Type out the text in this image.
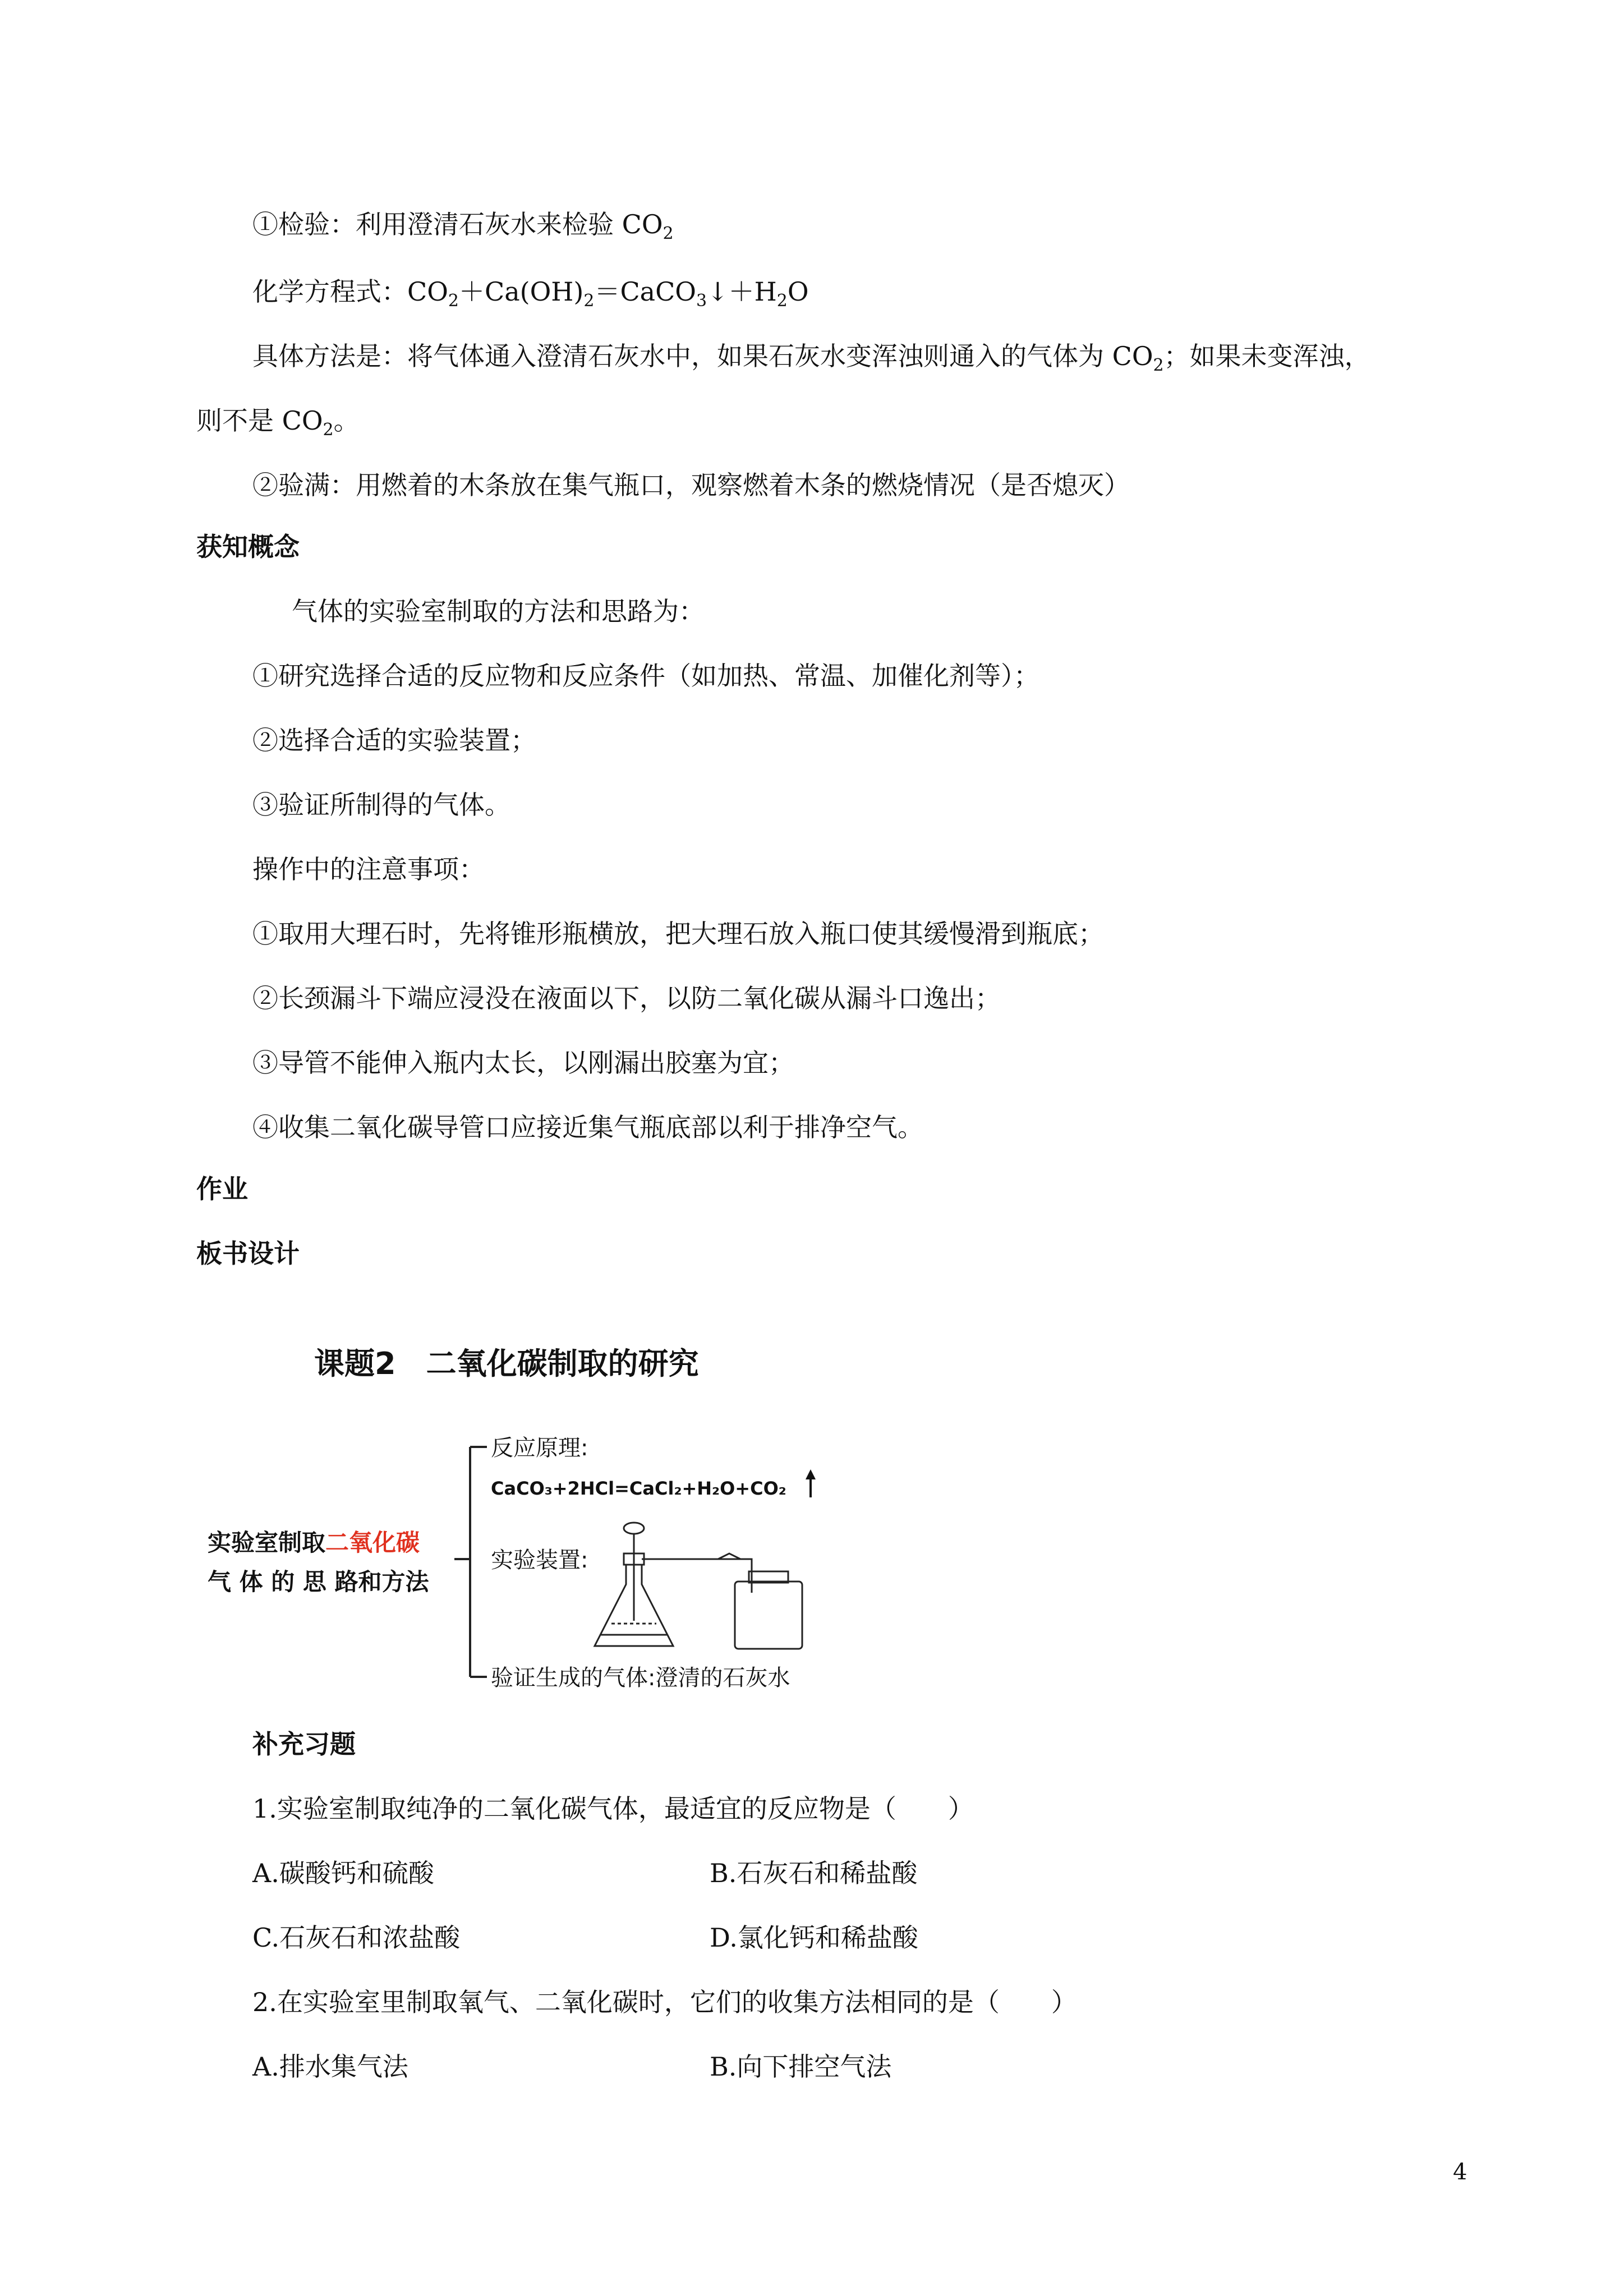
①检验：利用澄清石灰水来检验 $CO_2$
化学方程式：$CO_2+Ca(OH)_2=CaCO_3↓+H_2O$
具体方法是：将气体通入澄清石灰水中，如果石灰水变浑浊则通入的气体为 $CO_2$；如果未变浑浊，
则不是 $CO_2$。
②验满：用燃着的木条放在集气瓶口，观察燃着木条的燃烧情况（是否熄灭）
获知概念
气体的实验室制取的方法和思路为：
①研究选择合适的反应物和反应条件（如加热、常温、加催化剂等）；
②选择合适的实验装置；
③验证所制得的气体。
操作中的注意事项：
①取用大理石时，先将锥形瓶横放，把大理石放入瓶口使其缓慢滑到瓶底；
②长颈漏斗下端应浸没在液面以下，以防二氧化碳从漏斗口逸出；
③导管不能伸入瓶内太长，以刚漏出胶塞为宜；
④收集二氧化碳导管口应接近集气瓶底部以利于排净空气。
作业
板书设计
课题2　二氧化碳制取的研究
实验室制取二氧化碳
气 体 的 思 路和方法
反应原理:
CaCO₃+2HCl=CaCl₂+H₂O+CO₂
实验装置:
验证生成的气体:澄清的石灰水
补充习题
1.实验室制取纯净的二氧化碳气体，最适宜的反应物是（　　）
A.碳酸钙和硫酸	B.石灰石和稀盐酸
C.石灰石和浓盐酸	D.氯化钙和稀盐酸
2.在实验室里制取氧气、二氧化碳时，它们的收集方法相同的是（　　）
A.排水集气法	B.向下排空气法
4
